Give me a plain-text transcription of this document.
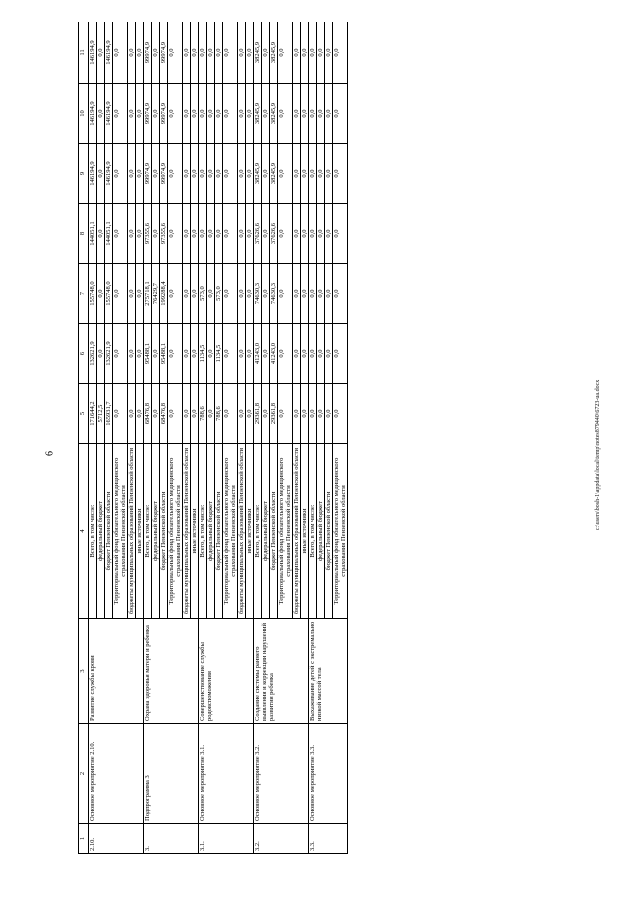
6
1	2	3	4	5	6	7	8	9	10	11
2.10.	Основное мероприятие 2.10.	Развитие службы крови	Всего, в том числе:	171644,2	132621,9	155748,0	144051,1	146194,9	146194,9	146194,9
			федеральный бюджет	5712,5	0,0	0,0	0,0	0,0	0,0	0,0
			бюджет Пензенской области	165931,7	132621,9	155748,0	144051,1	146194,9	146194,9	146194,9
			Территориальный фонд обязательного медицинского страхования Пензенской области	0,0	0,0	0,0	0,0	0,0	0,0	0,0
			бюджеты муниципальных образований Пензенской области	0,0	0,0	0,0	0,0	0,0	0,0	0,0
			иные источники	0,0	0,0	0,0	0,0	0,0	0,0	0,0
3.	Подпрограмма 3	Охрана здоровья матери и ребенка	Всего, в том числе:	68476,8	95488,1	275718,1	97355,6	99974,9	99974,9	99974,9
			федеральный бюджет	0,0	0,0	76429,7	0,0	0,0	0,0	0,0
			бюджет Пензенской области	68476,8	95488,1	199288,4	97355,6	99974,9	99974,9	99974,9
			Территориальный фонд обязательного медицинского страхования Пензенской области	0,0	0,0	0,0	0,0	0,0	0,0	0,0
			бюджеты муниципальных образований Пензенской области	0,0	0,0	0,0	0,0	0,0	0,0	0,0
			иные источники	0,0	0,0	0,0	0,0	0,0	0,0	0,0
3.1.	Основное мероприятие 3.1.	Совершенствование службы родовспоможения	Всего, в том числе:	788,6	1134,5	573,0	0,0	0,0	0,0	0,0
			федеральный бюджет	0,0	0,0	0,0	0,0	0,0	0,0	0,0
			бюджет Пензенской области	788,6	1134,5	573,0	0,0	0,0	0,0	0,0
			Территориальный фонд обязательного медицинского страхования Пензенской области	0,0	0,0	0,0	0,0	0,0	0,0	0,0
			бюджеты муниципальных образований Пензенской области	0,0	0,0	0,0	0,0	0,0	0,0	0,0
			иные источники	0,0	0,0	0,0	0,0	0,0	0,0	0,0
3.2.	Основное мероприятие 3.2.	Создание системы раннего выявления и коррекции нарушений развития ребенка	Всего, в том числе:	29361,8	41243,0	74630,3	37626,6	38245,9	38245,9	38245,9
			федеральный бюджет	0,0	0,0	0,0	0,0	0,0	0,0	0,0
			бюджет Пензенской области	29361,8	41243,0	74630,3	37626,6	38245,9	38245,9	38245,9
			Территориальный фонд обязательного медицинского страхования Пензенской области	0,0	0,0	0,0	0,0	0,0	0,0	0,0
			бюджеты муниципальных образований Пензенской области	0,0	0,0	0,0	0,0	0,0	0,0	0,0
			иные источники	0,0	0,0	0,0	0,0	0,0	0,0	0,0
3.3.	Основное мероприятие 3.3.	Выхаживание детей с экстремально низкой массой тела	Всего, в том числе:	0,0	0,0	0,0	0,0	0,0	0,0	0,0
			федеральный бюджет	0,0	0,0	0,0	0,0	0,0	0,0	0,0
			бюджет Пензенской области	0,0	0,0	0,0	0,0	0,0	0,0	0,0
			Территориальный фонд обязательного медицинского страхования Пензенской области	0,0	0,0	0,0	0,0	0,0	0,0	0,0
c:\users\bosh-1\appdata\local\temp\notes879440\6723-ua.docx
